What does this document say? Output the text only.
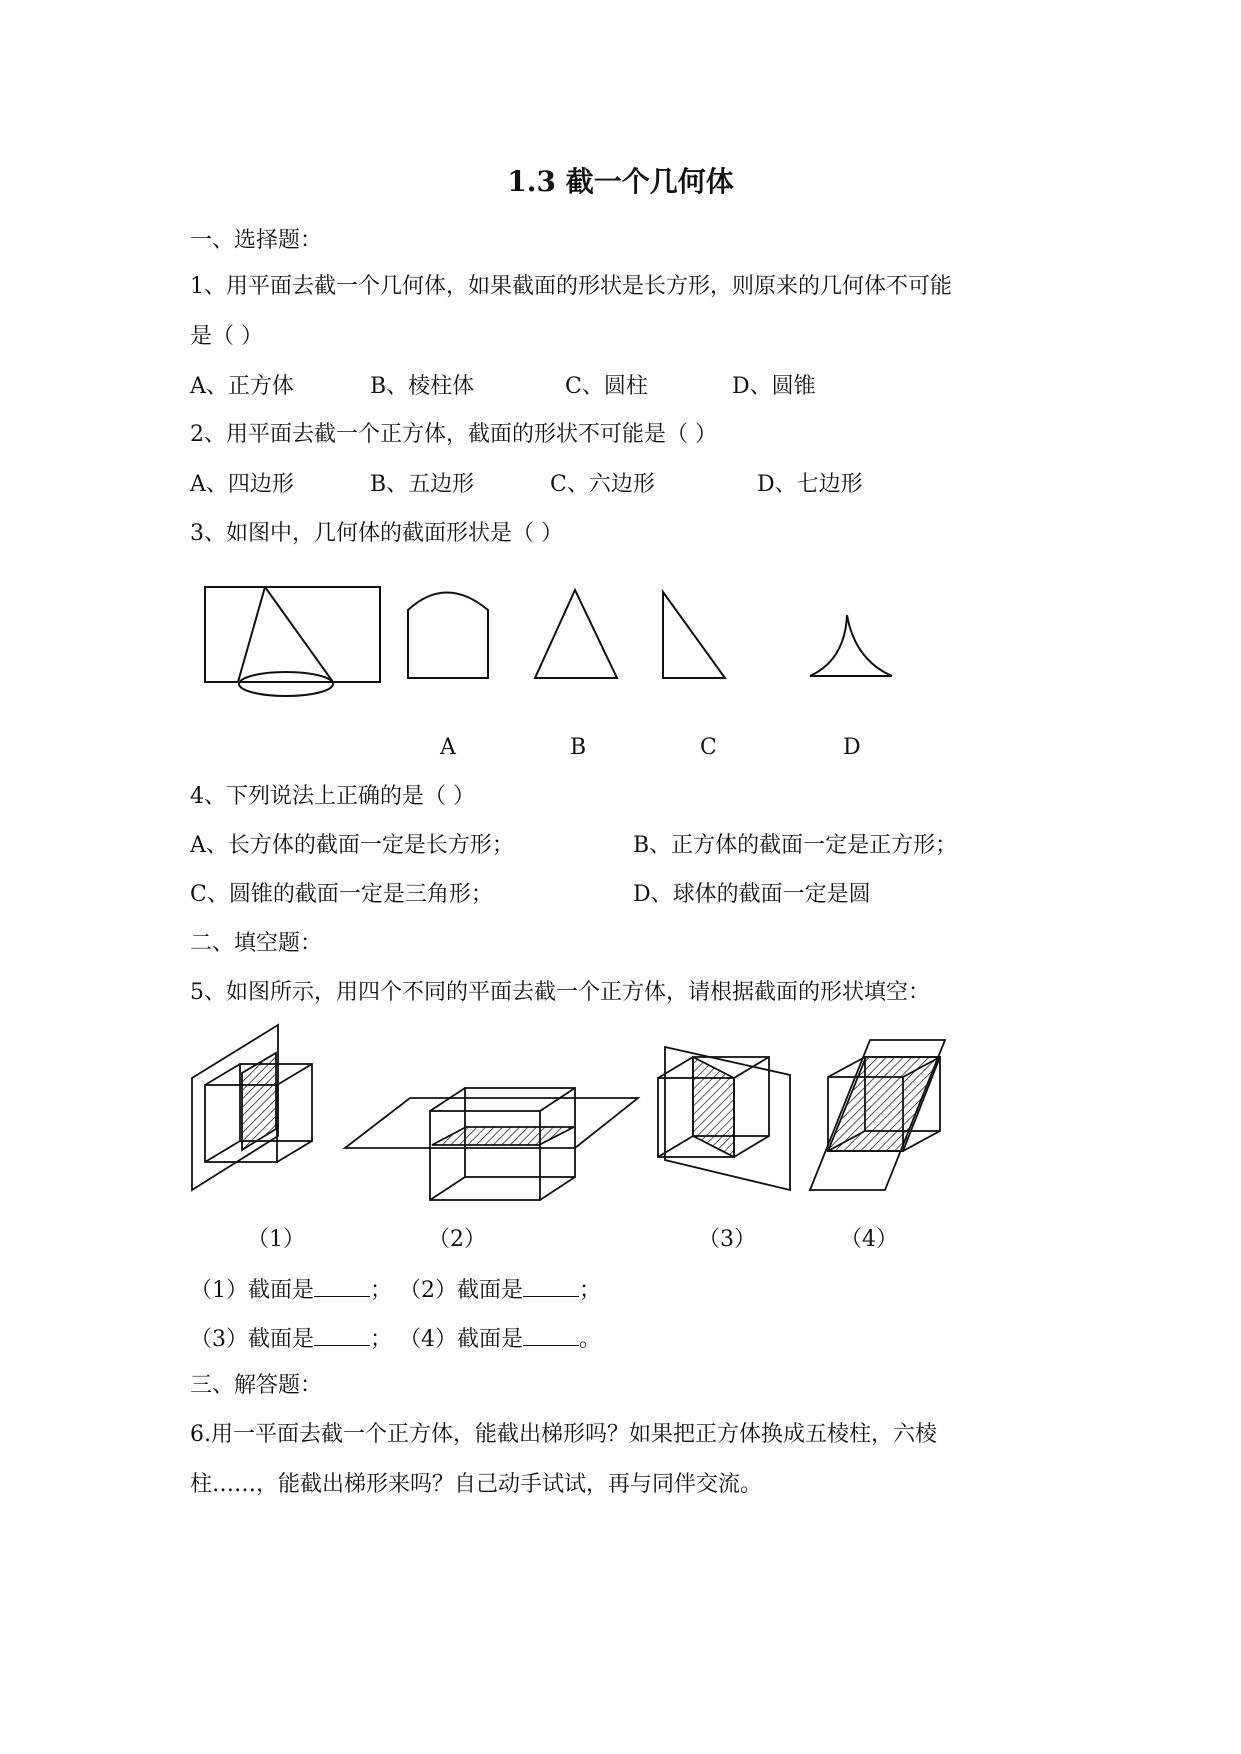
1.3 截一个几何体
一、选择题：
1、用平面去截一个几何体，如果截面的形状是长方形，则原来的几何体不可能
是（ ）
A、正方体	B、棱柱体	C、圆柱	D、圆锥
2、用平面去截一个正方体，截面的形状不可能是（ ）
A、四边形	B、五边形	C、六边形	D、七边形
3、如图中，几何体的截面形状是（ ）
A	B	C	D
4、下列说法上正确的是（ ）
A、长方体的截面一定是长方形；	B、正方体的截面一定是正方形；
C、圆锥的截面一定是三角形；	D、球体的截面一定是圆
二、填空题：
5、如图所示，用四个不同的平面去截一个正方体，请根据截面的形状填空：
（1）	（2）	（3）	（4）
（1）截面是	； （2）截面是	；
（3）截面是	； （4）截面是	。
三、解答题：
6.用一平面去截一个正方体，能截出梯形吗？如果把正方体换成五棱柱，六棱
柱……，能截出梯形来吗？自己动手试试，再与同伴交流。
